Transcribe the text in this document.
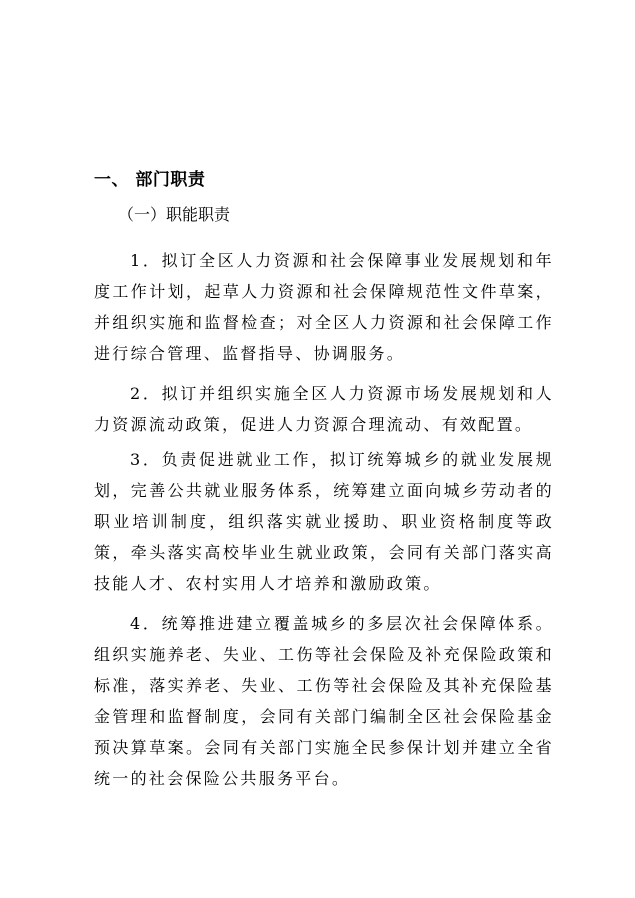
一、 部门职责
（一）职能职责

1．拟订全区人力资源和社会保障事业发展规划和年度工作计划，起草人力资源和社会保障规范性文件草案，并组织实施和监督检查；对全区人力资源和社会保障工作进行综合管理、监督指导、协调服务。

2．拟订并组织实施全区人力资源市场发展规划和人力资源流动政策，促进人力资源合理流动、有效配置。

3．负责促进就业工作，拟订统筹城乡的就业发展规划，完善公共就业服务体系，统筹建立面向城乡劳动者的职业培训制度，组织落实就业援助、职业资格制度等政策，牵头落实高校毕业生就业政策，会同有关部门落实高技能人才、农村实用人才培养和激励政策。

4．统筹推进建立覆盖城乡的多层次社会保障体系。组织实施养老、失业、工伤等社会保险及补充保险政策和标准，落实养老、失业、工伤等社会保险及其补充保险基金管理和监督制度，会同有关部门编制全区社会保险基金预决算草案。会同有关部门实施全民参保计划并建立全省统一的社会保险公共服务平台。
